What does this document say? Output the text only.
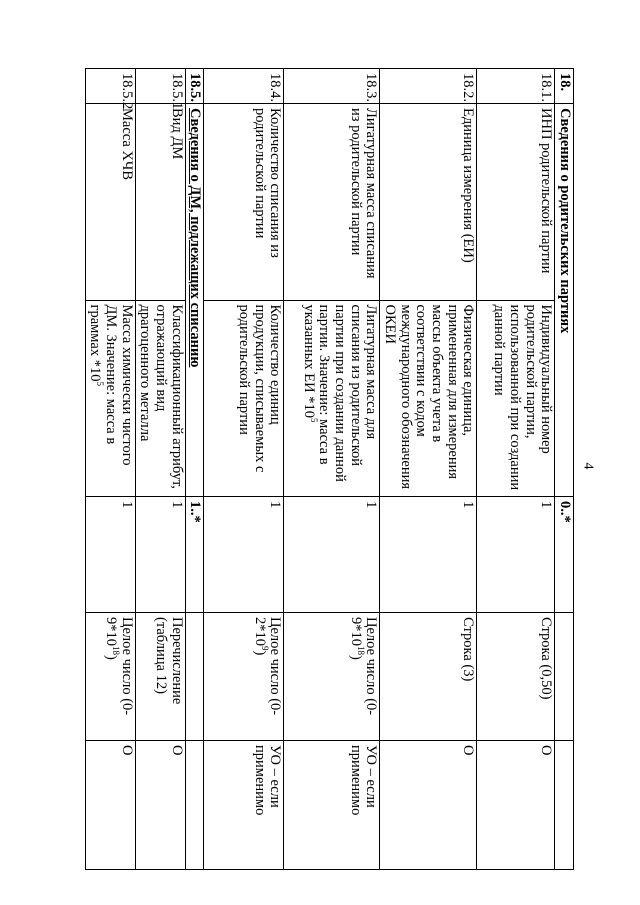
4
18.	Сведения о родительских партиях		0..*		
18.1.	ИНП родительской партии	Индивидуальный номер родительской партии, использованной при создании данной партии	1	Строка (0,50)	О
18.2.	Единица измерения (ЕИ)	Физическая единица, примененная для измерения массы объекта учета в соответствии с кодом международного обозначения ОКЕИ	1	Строка (3)	О
18.3.	Лигатурная масса списания из родительской партии	Лигатурная масса для списания из родительской партии при создании данной партии. Значение: масса в указанных ЕИ $*10^5$	1	Целое число $(0-9*10^{18})$	УО – если применимо
18.4.	Количество списания из родительской партии	Количество единиц продукции, списываемых с родительской партии	1	Целое число $(0-2*10^9)$	УО – если применимо
18.5.	Сведения о ДМ, подлежащих списанию		1..*		
18.5.1	Вид ДМ	Классификационный атрибут, отражающий вид драгоценного металла	1	Перечисление (таблица 12)	О
18.5.2	Масса ХЧВ	Масса химически чистого ДМ. Значение: масса в граммах $*10^5$	1	Целое число $(0-9*10^{18})$	О
